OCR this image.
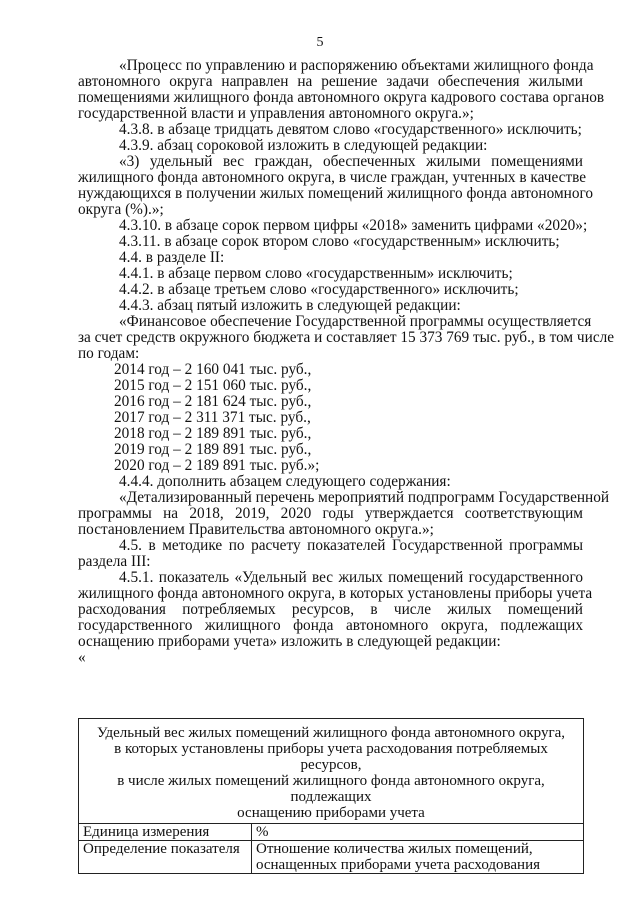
5
«Процесс по управлению и распоряжению объектами жилищного фонда
автономного округа направлен на решение задачи обеспечения жилыми
помещениями жилищного фонда автономного округа кадрового состава органов
государственной власти и управления автономного округа.»;
4.3.8. в абзаце тридцать девятом слово «государственного» исключить;
4.3.9. абзац сороковой изложить в следующей редакции:
«3) удельный вес граждан, обеспеченных жилыми помещениями
жилищного фонда автономного округа, в числе граждан, учтенных в качестве
нуждающихся в получении жилых помещений жилищного фонда автономного
округа (%).»;
4.3.10. в абзаце сорок первом цифры «2018» заменить цифрами «2020»;
4.3.11. в абзаце сорок втором слово «государственным» исключить;
4.4. в разделе II:
4.4.1. в абзаце первом слово «государственным» исключить;
4.4.2. в абзаце третьем слово «государственного» исключить;
4.4.3. абзац пятый изложить в следующей редакции:
«Финансовое обеспечение Государственной программы осуществляется
за счет средств окружного бюджета и составляет 15 373 769 тыс. руб., в том числе
по годам:
2014 год – 2 160 041 тыс. руб.,
2015 год – 2 151 060 тыс. руб.,
2016 год – 2 181 624 тыс. руб.,
2017 год – 2 311 371 тыс. руб.,
2018 год – 2 189 891 тыс. руб.,
2019 год – 2 189 891 тыс. руб.,
2020 год – 2 189 891 тыс. руб.»;
4.4.4. дополнить абзацем следующего содержания:
«Детализированный перечень мероприятий подпрограмм Государственной
программы на 2018, 2019, 2020 годы утверждается соответствующим
постановлением Правительства автономного округа.»;
4.5. в методике по расчету показателей Государственной программы
раздела III:
4.5.1. показатель «Удельный вес жилых помещений государственного
жилищного фонда автономного округа, в которых установлены приборы учета
расходования потребляемых ресурсов, в числе жилых помещений
государственного жилищного фонда автономного округа, подлежащих
оснащению приборами учета» изложить в следующей редакции:
«
Удельный вес жилых помещений жилищного фонда автономного округа,
в которых установлены приборы учета расходования потребляемых ресурсов,
в числе жилых помещений жилищного фонда автономного округа, подлежащих
оснащению приборами учета	

Единица измерения	%

Определение показателя	Отношение количества жилых помещений,
оснащенных приборами учета расходования
